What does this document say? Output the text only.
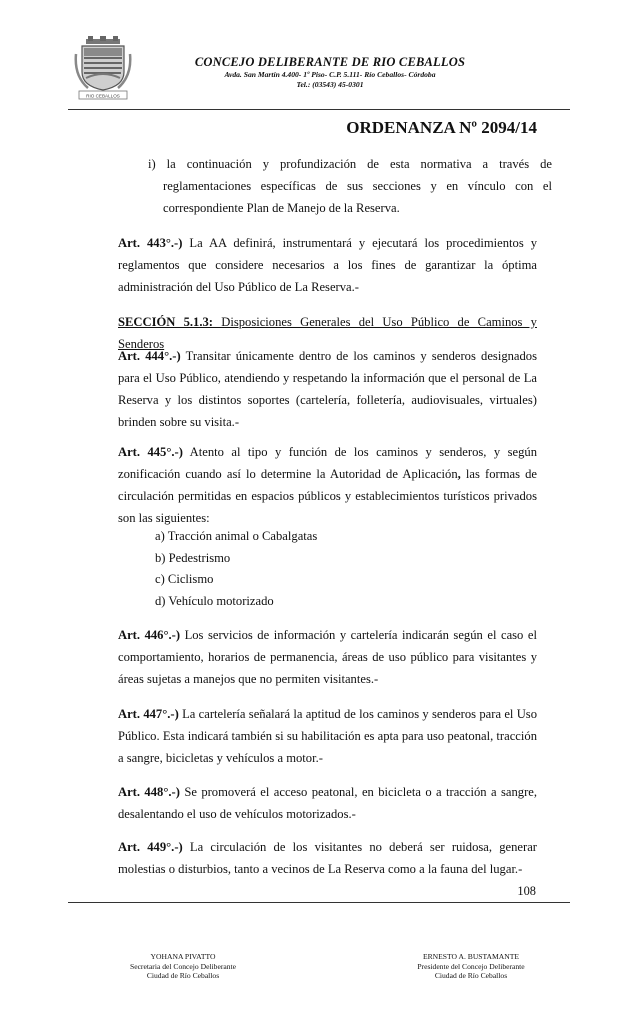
RIO CEBALLOS
CONCEJO DELIBERANTE DE RIO CEBALLOS
Avda. San Martín 4.400- 1º Piso- C.P. 5.111- Río Ceballos- Córdoba
Tel.: (03543) 45-0301
ORDENANZA Nº 2094/14

i) la continuación y profundización de esta normativa a través de reglamentaciones específicas de sus secciones y en vínculo con el correspondiente Plan de Manejo de la Reserva.

Art. 443°.-) La AA definirá, instrumentará y ejecutará los procedimientos y reglamentos que considere necesarios a los fines de garantizar la óptima administración del Uso Público de La Reserva.-

SECCIÓN 5.1.3: Disposiciones Generales del Uso Público de Caminos y Senderos

Art. 444°.-) Transitar únicamente dentro de los caminos y senderos designados para el Uso Público, atendiendo y respetando la información que el personal de La Reserva y los distintos soportes (cartelería, folletería, audiovisuales, virtuales) brinden sobre su visita.-

Art. 445°.-) Atento al tipo y función de los caminos y senderos, y según zonificación cuando así lo determine la Autoridad de Aplicación, las formas de circulación permitidas en espacios públicos y establecimientos turísticos privados son las siguientes:

a) Tracción animal o Cabalgatas
b) Pedestrismo
c) Ciclismo
d) Vehículo motorizado

Art. 446°.-) Los servicios de información y cartelería indicarán según el caso el comportamiento, horarios de permanencia, áreas de uso público para visitantes y áreas sujetas a manejos que no permiten visitantes.-

Art. 447°.-) La cartelería señalará la aptitud de los caminos y senderos para el Uso Público. Esta indicará también si su habilitación es apta para uso peatonal, tracción a sangre, bicicletas y vehículos a motor.-

Art. 448°.-) Se promoverá el acceso peatonal, en bicicleta o a tracción a sangre, desalentando el uso de vehículos motorizados.-

Art. 449°.-) La circulación de los visitantes no deberá ser ruidosa, generar molestias o disturbios, tanto a vecinos de La Reserva como a la fauna del lugar.-

108
YOHANA PIVATTO
Secretaria del Concejo Deliberante
Ciudad de Río Ceballos
ERNESTO A. BUSTAMANTE
Presidente del Concejo Deliberante
Ciudad de Río Ceballos
